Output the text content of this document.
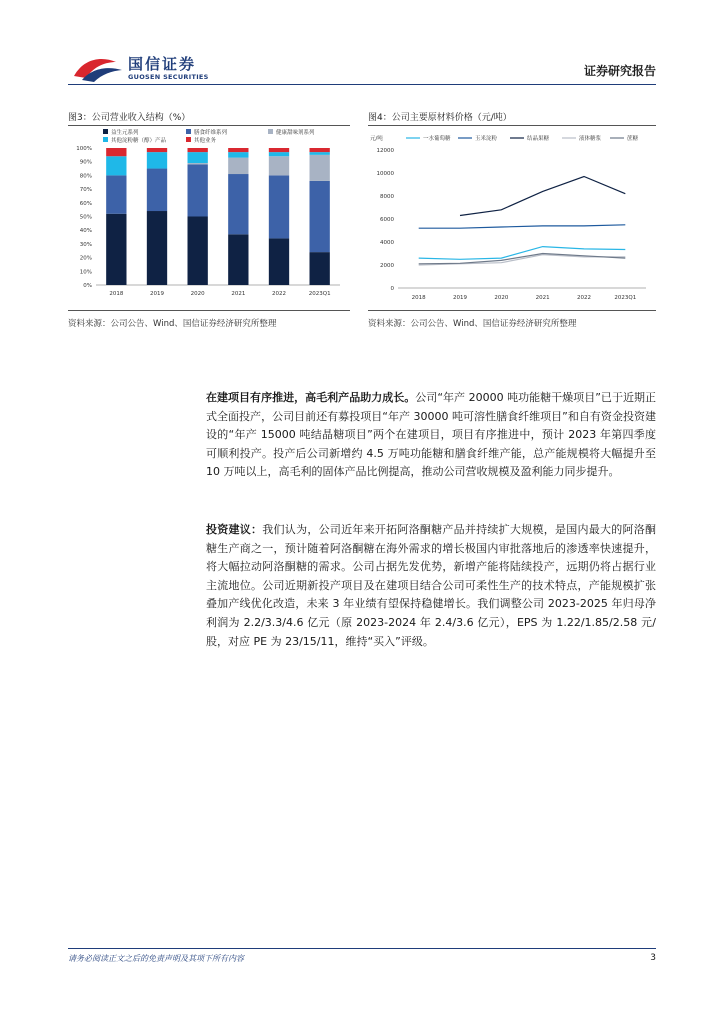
国信证券
GUOSEN SECURITIES	证券研究报告
图3：公司营业收入结构（%）
益生元系列	膳食纤维系列	健康甜味剂系列
其他淀粉糖（醇）产品	其他业务
0%
10%
20%
30%
40%
50%
60%
70%
80%
90%
100%
2018	2019	2020	2021	2022	2023Q1
资料来源：公司公告、Wind、国信证券经济研究所整理
图4：公司主要原材料价格（元/吨）
元/吨	一水葡萄糖	玉米淀粉	结晶果糖	液体糖浆	蔗糖
0
2000
4000
6000
8000
10000
12000
2018	2019	2020	2021	2022	2023Q1
资料来源：公司公告、Wind、国信证券经济研究所整理
在建项目有序推进，高毛利产品助力成长。公司“年产 20000 吨功能糖干燥项目”已于近期正式全面投产，公司目前还有募投项目“年产 30000 吨可溶性膳食纤维项目”和自有资金投资建设的“年产 15000 吨结晶糖项目”两个在建项目，项目有序推进中，预计 2023 年第四季度可顺利投产。投产后公司新增约 4.5 万吨功能糖和膳食纤维产能，总产能规模将大幅提升至 10 万吨以上，高毛利的固体产品比例提高，推动公司营收规模及盈利能力同步提升。
投资建议：我们认为，公司近年来开拓阿洛酮糖产品并持续扩大规模，是国内最大的阿洛酮糖生产商之一，预计随着阿洛酮糖在海外需求的增长极国内审批落地后的渗透率快速提升，将大幅拉动阿洛酮糖的需求。公司占据先发优势，新增产能将陆续投产，远期仍将占据行业主流地位。公司近期新投产项目及在建项目结合公司可柔性生产的技术特点，产能规模扩张叠加产线优化改造，未来 3 年业绩有望保持稳健增长。我们调整公司 2023-2025 年归母净利润为 2.2/3.3/4.6 亿元（原 2023-2024 年 2.4/3.6 亿元），EPS 为 1.22/1.85/2.58 元/股，对应 PE 为 23/15/11，维持“买入”评级。
请务必阅读正文之后的免责声明及其项下所有内容	3
